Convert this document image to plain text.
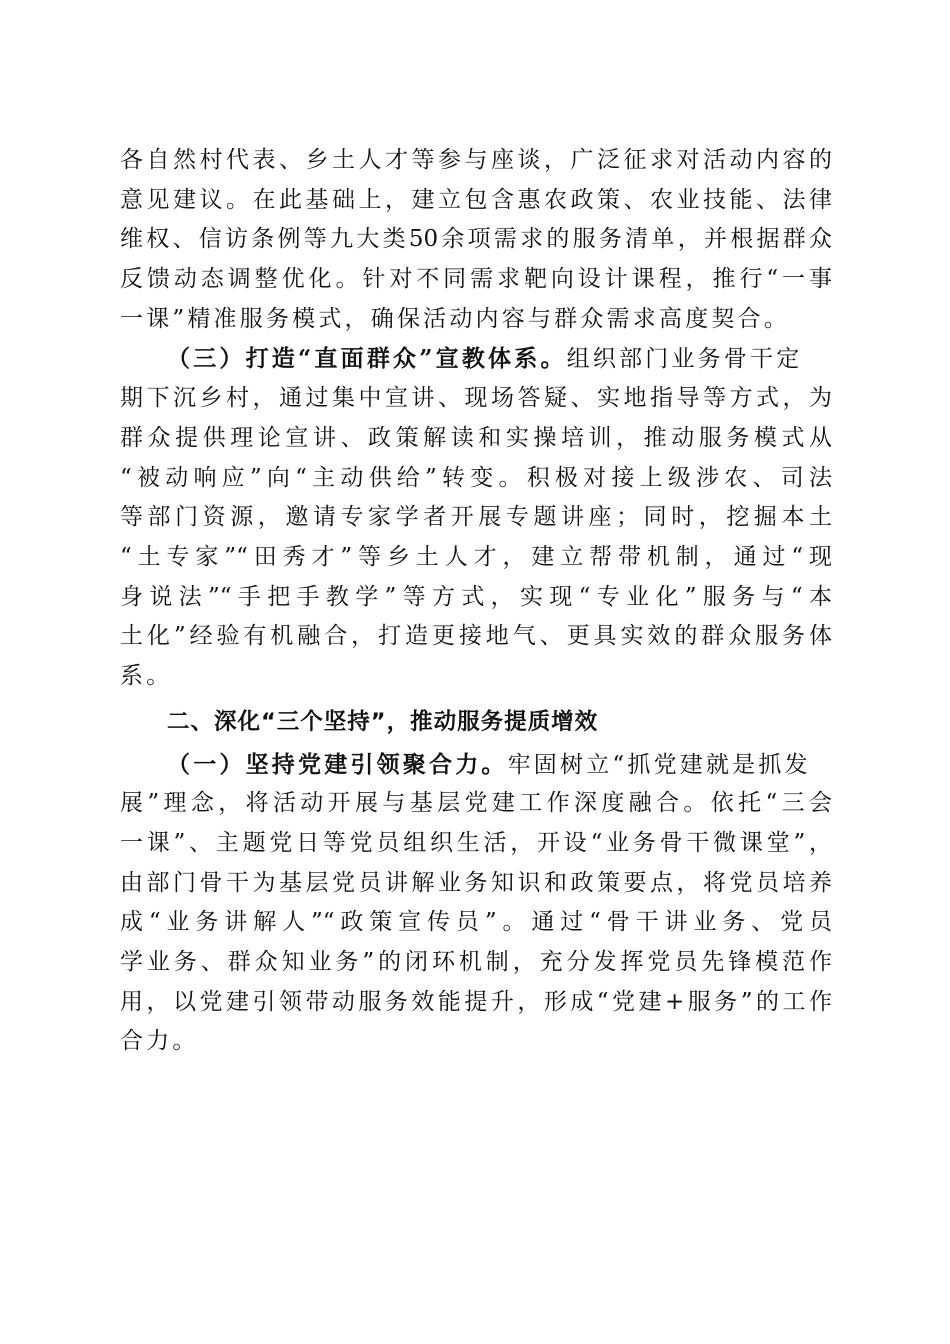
各自然村代表、乡土人才等参与座谈，广泛征求对活动内容的
意见建议。在此基础上，建立包含惠农政策、农业技能、法律
维权、信访条例等九大类50余项需求的服务清单，并根据群众
反馈动态调整优化。针对不同需求靶向设计课程，推行“一事
一课”精准服务模式，确保活动内容与群众需求高度契合。
（三）打造“直面群众”宣教体系。组织部门业务骨干定
期下沉乡村，通过集中宣讲、现场答疑、实地指导等方式，为
群众提供理论宣讲、政策解读和实操培训，推动服务模式从
“被动响应”向“主动供给”转变。积极对接上级涉农、司法
等部门资源，邀请专家学者开展专题讲座；同时，挖掘本土
“土专家”“田秀才”等乡土人才，建立帮带机制，通过“现
身说法”“手把手教学”等方式，实现“专业化”服务与“本
土化”经验有机融合，打造更接地气、更具实效的群众服务体
系。
二、深化“三个坚持”，推动服务提质增效
（一）坚持党建引领聚合力。牢固树立“抓党建就是抓发
展”理念，将活动开展与基层党建工作深度融合。依托“三会
一课”、主题党日等党员组织生活，开设“业务骨干微课堂”，
由部门骨干为基层党员讲解业务知识和政策要点，将党员培养
成“业务讲解人”“政策宣传员”。通过“骨干讲业务、党员
学业务、群众知业务”的闭环机制，充分发挥党员先锋模范作
用，以党建引领带动服务效能提升，形成“党建+服务”的工作
合力。
